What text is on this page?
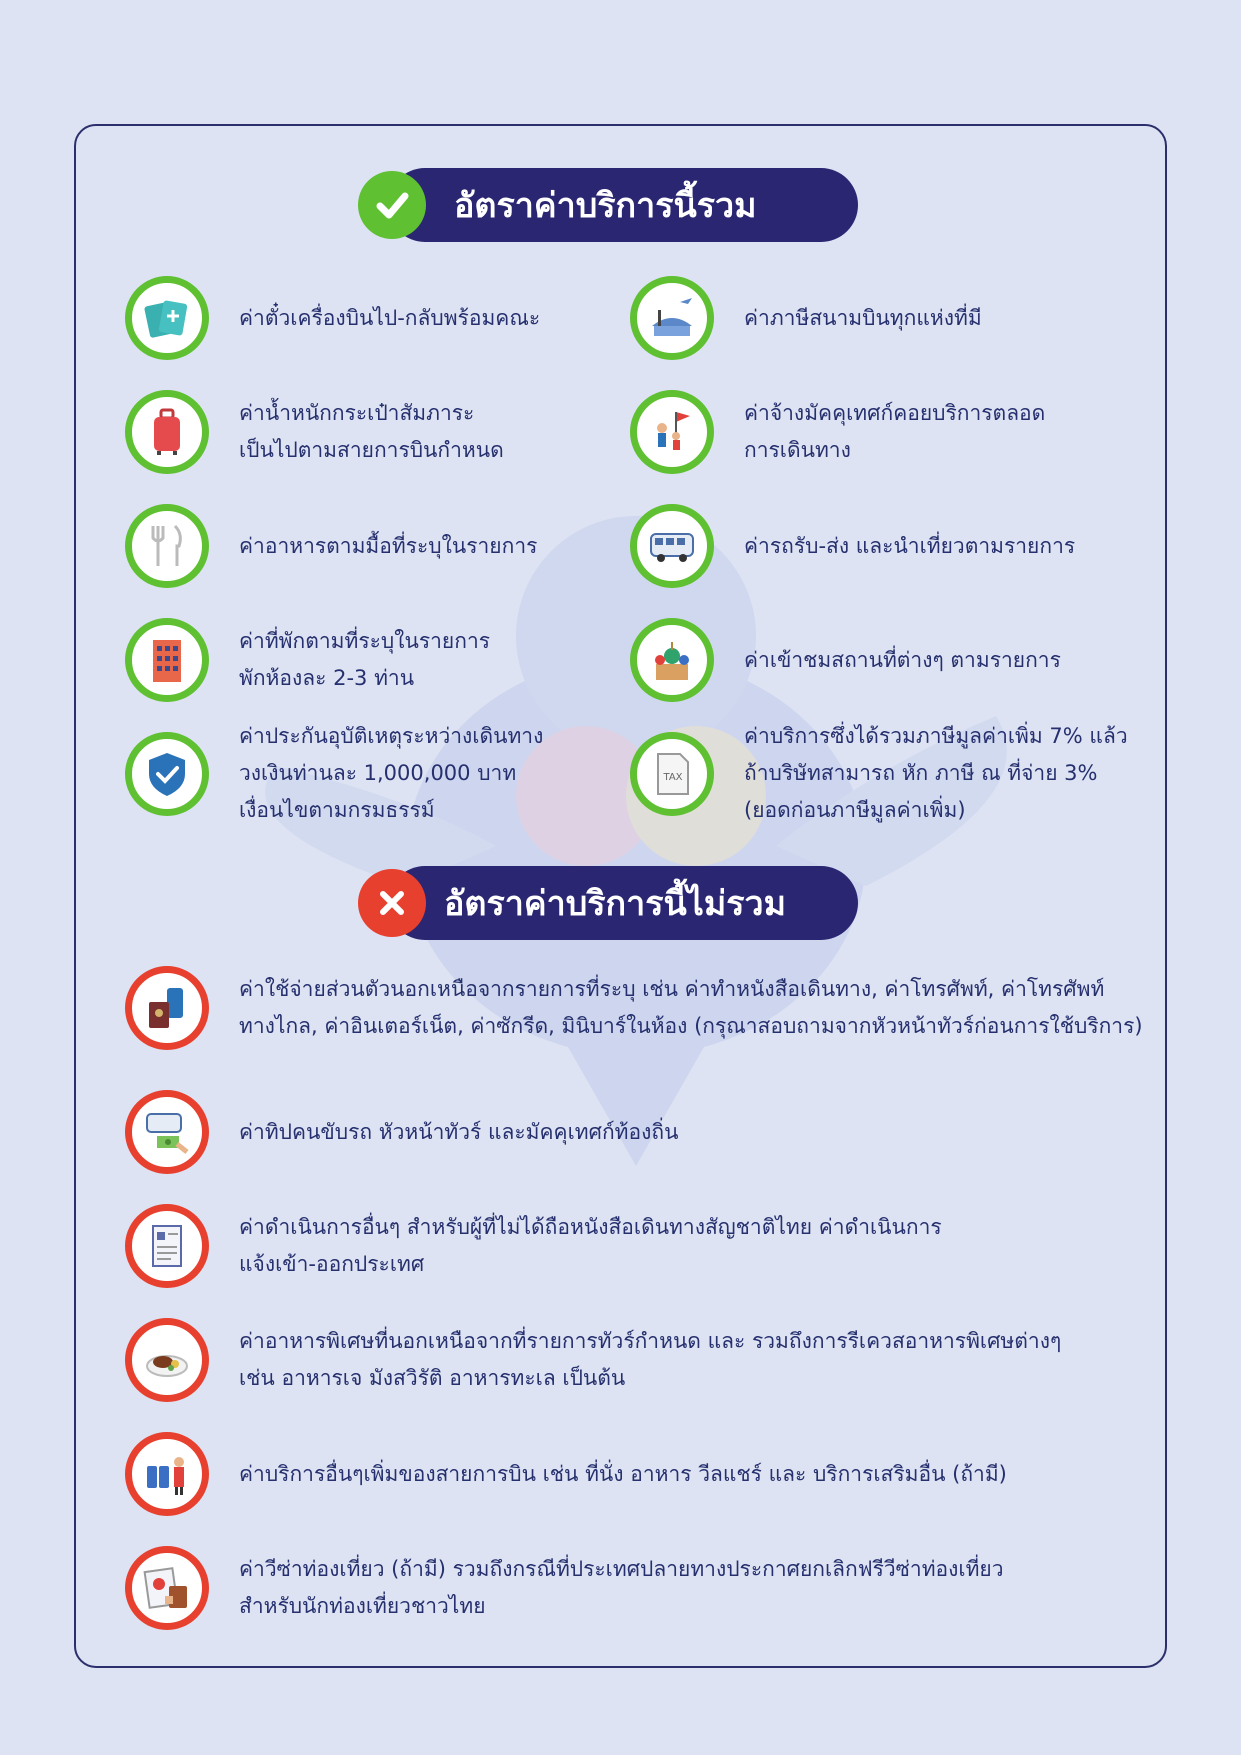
อัตราค่าบริการนี้รวม
ค่าตั๋วเครื่องบินไป-กลับพร้อมคณะ
ค่าน้ำหนักกระเป๋าสัมภาระ
เป็นไปตามสายการบินกำหนด
ค่าอาหารตามมื้อที่ระบุในรายการ
ค่าที่พักตามที่ระบุในรายการ
พักห้องละ 2-3 ท่าน
ค่าประกันอุบัติเหตุระหว่างเดินทาง
วงเงินท่านละ 1,000,000 บาท
เงื่อนไขตามกรมธรรม์
ค่าภาษีสนามบินทุกแห่งที่มี
ค่าจ้างมัคคุเทศก์คอยบริการตลอด
การเดินทาง
ค่ารถรับ-ส่ง และนำเที่ยวตามรายการ
ค่าเข้าชมสถานที่ต่างๆ ตามรายการ
TAX
ค่าบริการซึ่งได้รวมภาษีมูลค่าเพิ่ม 7% แล้ว
ถ้าบริษัทสามารถ หัก ภาษี ณ ที่จ่าย 3%
(ยอดก่อนภาษีมูลค่าเพิ่ม)
อัตราค่าบริการนี้ไม่รวม
ค่าใช้จ่ายส่วนตัวนอกเหนือจากรายการที่ระบุ เช่น ค่าทำหนังสือเดินทาง, ค่าโทรศัพท์, ค่าโทรศัพท์
ทางไกล, ค่าอินเตอร์เน็ต, ค่าซักรีด, มินิบาร์ในห้อง (กรุณาสอบถามจากหัวหน้าทัวร์ก่อนการใช้บริการ)
ค่าทิปคนขับรถ หัวหน้าทัวร์ และมัคคุเทศก์ท้องถิ่น
ค่าดำเนินการอื่นๆ สำหรับผู้ที่ไม่ได้ถือหนังสือเดินทางสัญชาติไทย ค่าดำเนินการ
แจ้งเข้า-ออกประเทศ
ค่าอาหารพิเศษที่นอกเหนือจากที่รายการทัวร์กำหนด และ รวมถึงการรีเควสอาหารพิเศษต่างๆ
เช่น อาหารเจ มังสวิรัติ อาหารทะเล เป็นต้น
ค่าบริการอื่นๆเพิ่มของสายการบิน เช่น ที่นั่ง อาหาร วีลแชร์ และ บริการเสริมอื่น (ถ้ามี)
ค่าวีซ่าท่องเที่ยว (ถ้ามี) รวมถึงกรณีที่ประเทศปลายทางประกาศยกเลิกฟรีวีซ่าท่องเที่ยว
สำหรับนักท่องเที่ยวชาวไทย
